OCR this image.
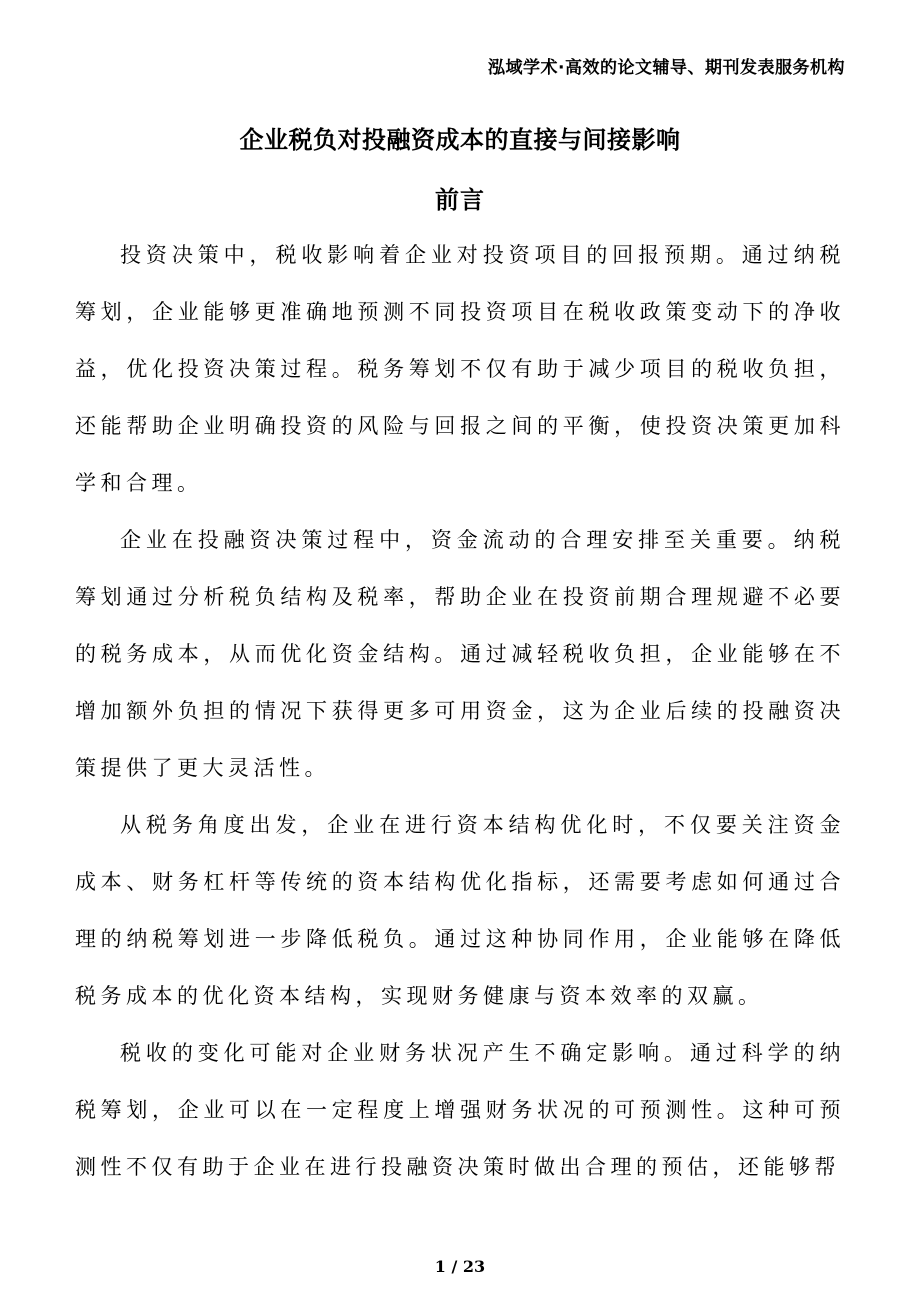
泓域学术·高效的论文辅导、期刊发表服务机构
企业税负对投融资成本的直接与间接影响
前言

投资决策中，税收影响着企业对投资项目的回报预期。通过纳税筹划，企业能够更准确地预测不同投资项目在税收政策变动下的净收益，优化投资决策过程。税务筹划不仅有助于减少项目的税收负担，还能帮助企业明确投资的风险与回报之间的平衡，使投资决策更加科学和合理。

企业在投融资决策过程中，资金流动的合理安排至关重要。纳税筹划通过分析税负结构及税率，帮助企业在投资前期合理规避不必要的税务成本，从而优化资金结构。通过减轻税收负担，企业能够在不增加额外负担的情况下获得更多可用资金，这为企业后续的投融资决策提供了更大灵活性。

从税务角度出发，企业在进行资本结构优化时，不仅要关注资金成本、财务杠杆等传统的资本结构优化指标，还需要考虑如何通过合理的纳税筹划进一步降低税负。通过这种协同作用，企业能够在降低税务成本的优化资本结构，实现财务健康与资本效率的双赢。

税收的变化可能对企业财务状况产生不确定影响。通过科学的纳税筹划，企业可以在一定程度上增强财务状况的可预测性。这种可预测性不仅有助于企业在进行投融资决策时做出合理的预估，还能够帮

1 / 23
